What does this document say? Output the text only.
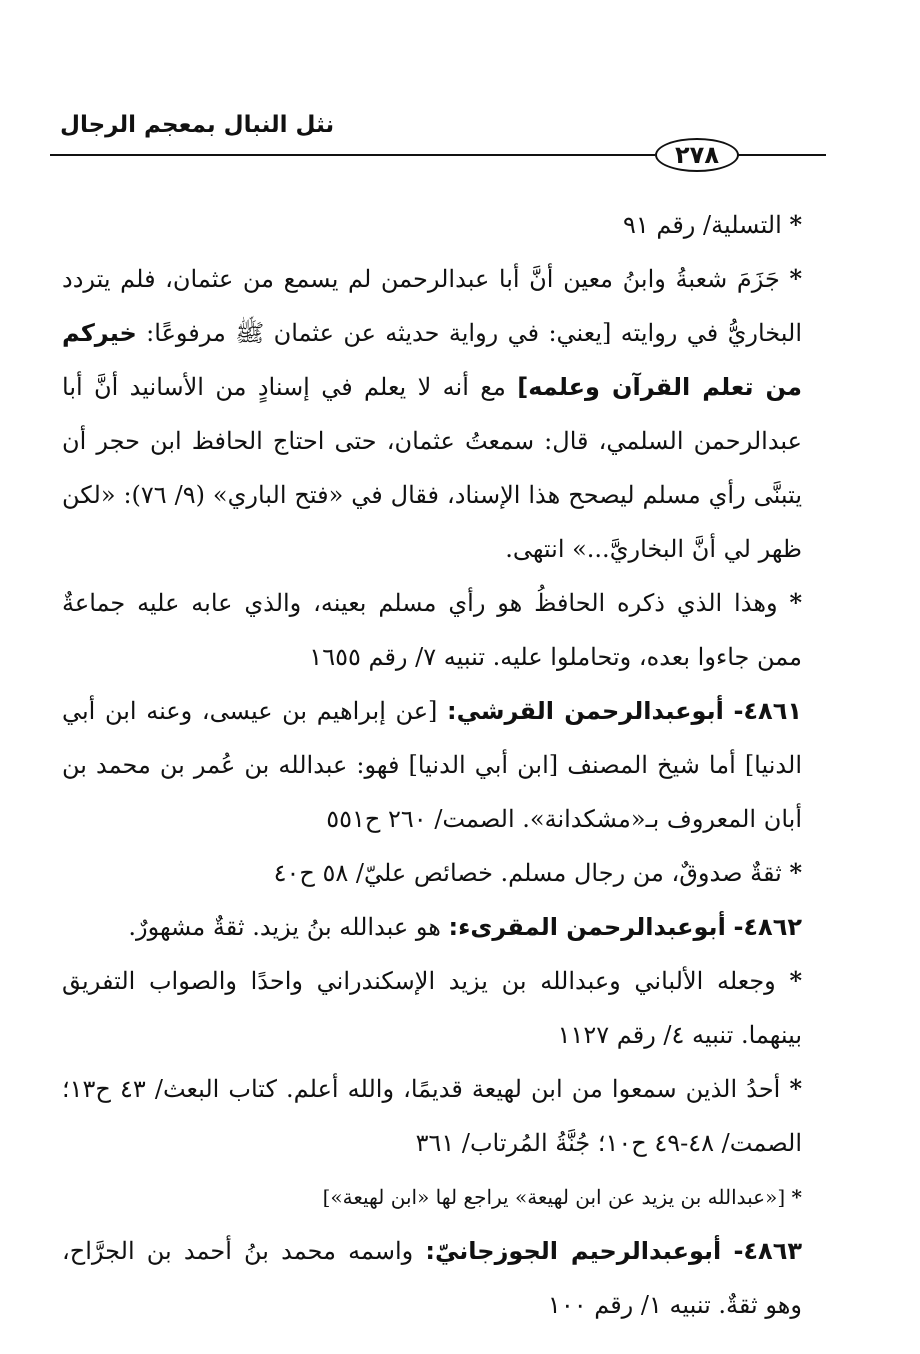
نثل النبال بمعجم الرجال
٢٧٨

* التسلية/ رقم ٩١

* جَزَمَ شعبةُ وابنُ معين أنَّ أبا عبدالرحمن لم يسمع من عثمان، فلم يتردد البخاريُّ في روايته [يعني: في رواية حديثه عن عثمان ﷺ مرفوعًا: خيركم من تعلم القرآن وعلمه] مع أنه لا يعلم في إسنادٍ من الأسانيد أنَّ أبا عبدالرحمن السلمي، قال: سمعتُ عثمان، حتى احتاج الحافظ ابن حجر أن يتبنَّى رأي مسلم ليصحح هذا الإسناد، فقال في «فتح الباري» (٩/ ٧٦): «لكن ظهر لي أنَّ البخاريَّ...» انتهى.

* وهذا الذي ذكره الحافظُ هو رأي مسلم بعينه، والذي عابه عليه جماعةٌ ممن جاءوا بعده، وتحاملوا عليه. تنبيه ٧/ رقم ١٦٥٥

٤٨٦١- أبوعبدالرحمن القرشي: [عن إبراهيم بن عيسى، وعنه ابن أبي الدنيا] أما شيخ المصنف [ابن أبي الدنيا] فهو: عبدالله بن عُمر بن محمد بن أبان المعروف بـ«مشكدانة». الصمت/ ٢٦٠ ح٥٥١

* ثقةٌ صدوقٌ، من رجال مسلم. خصائص عليّ/ ٥٨ ح٤٠

٤٨٦٢- أبوعبدالرحمن المقرىء: هو عبدالله بنُ يزيد. ثقةٌ مشهورٌ.

* وجعله الألباني وعبدالله بن يزيد الإسكندراني واحدًا والصواب التفريق بينهما. تنبيه ٤/ رقم ١١٢٧

* أحدُ الذين سمعوا من ابن لهيعة قديمًا، والله أعلم. كتاب البعث/ ٤٣ ح١٣؛ الصمت/ ٤٨-٤٩ ح١٠؛ جُنَّةُ المُرتاب/ ٣٦١

* [«عبدالله بن يزيد عن ابن لهيعة» يراجع لها «ابن لهيعة»]

٤٨٦٣- أبوعبدالرحيم الجوزجانيّ: واسمه محمد بنُ أحمد بن الجرَّاح، وهو ثقةٌ. تنبيه ١/ رقم ١٠٠
